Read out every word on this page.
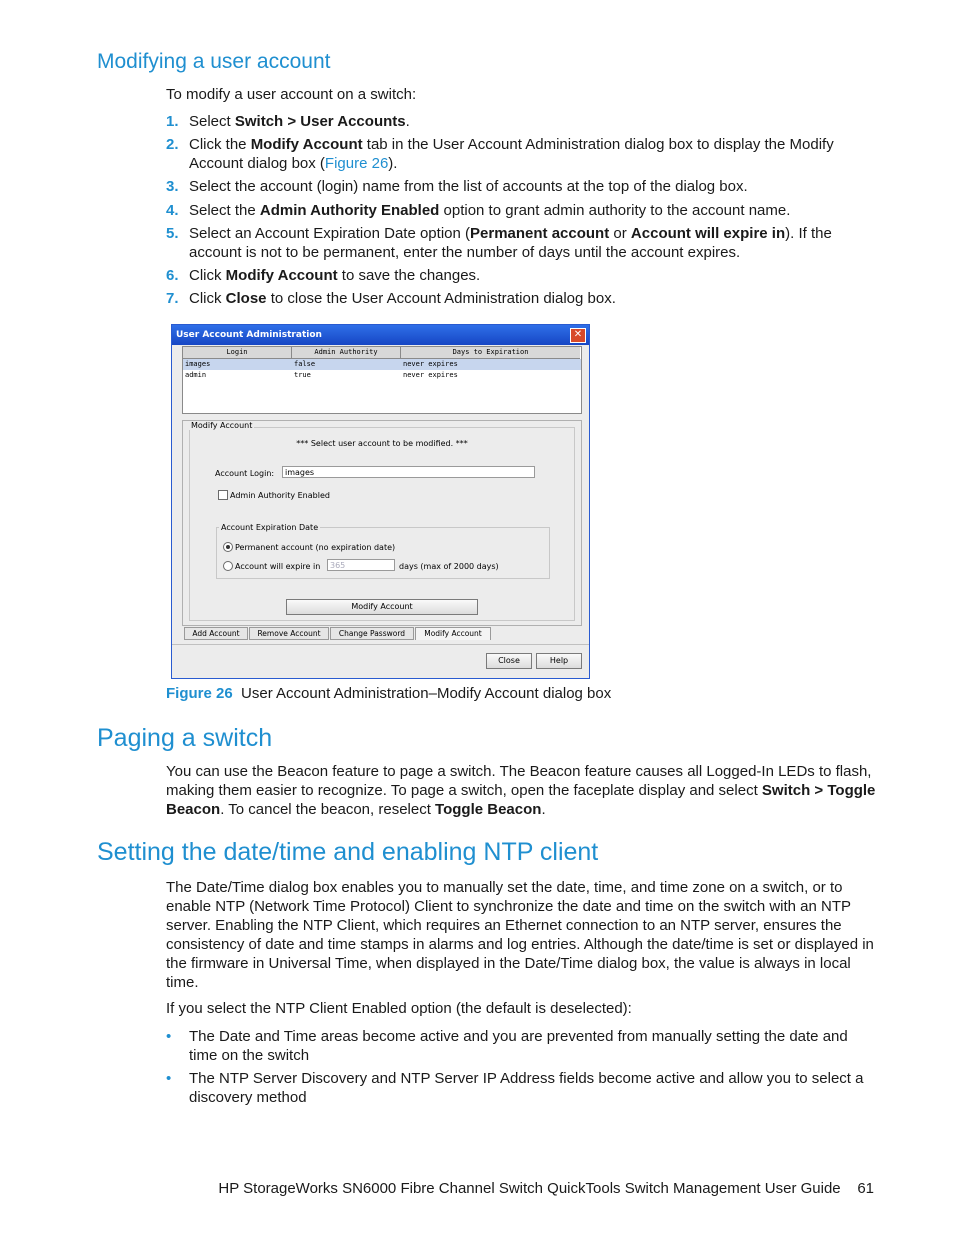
Modifying a user account
To modify a user account on a switch:
1. Select Switch > User Accounts.
2. Click the Modify Account tab in the User Account Administration dialog box to display the Modify Account dialog box (Figure 26).
3. Select the account (login) name from the list of accounts at the top of the dialog box.
4. Select the Admin Authority Enabled option to grant admin authority to the account name.
5. Select an Account Expiration Date option (Permanent account or Account will expire in). If the account is not to be permanent, enter the number of days until the account expires.
6. Click Modify Account to save the changes.
7. Click Close to close the User Account Administration dialog box.
User Account Administration	✕
Login	Admin Authority	Days to Expiration
images	false	never expires
admin	true	never expires
Modify Account
*** Select user account to be modified. ***
Account Login:	images
Admin Authority Enabled
Account Expiration Date
Permanent account (no expiration date)
Account will expire in	365	days (max of 2000 days)
Modify Account
Add Account	Remove Account	Change Password	Modify Account
Close	Help
Figure 26 User Account Administration–Modify Account dialog box
Paging a switch
You can use the Beacon feature to page a switch. The Beacon feature causes all Logged-In LEDs to flash, making them easier to recognize. To page a switch, open the faceplate display and select Switch > Toggle Beacon. To cancel the beacon, reselect Toggle Beacon.
Setting the date/time and enabling NTP client
The Date/Time dialog box enables you to manually set the date, time, and time zone on a switch, or to enable NTP (Network Time Protocol) Client to synchronize the date and time on the switch with an NTP server. Enabling the NTP Client, which requires an Ethernet connection to an NTP server, ensures the consistency of date and time stamps in alarms and log entries. Although the date/time is set or displayed in the firmware in Universal Time, when displayed in the Date/Time dialog box, the value is always in local time.
If you select the NTP Client Enabled option (the default is deselected):
• The Date and Time areas become active and you are prevented from manually setting the date and time on the switch
• The NTP Server Discovery and NTP Server IP Address fields become active and allow you to select a discovery method
HP StorageWorks SN6000 Fibre Channel Switch QuickTools Switch Management User Guide 61
